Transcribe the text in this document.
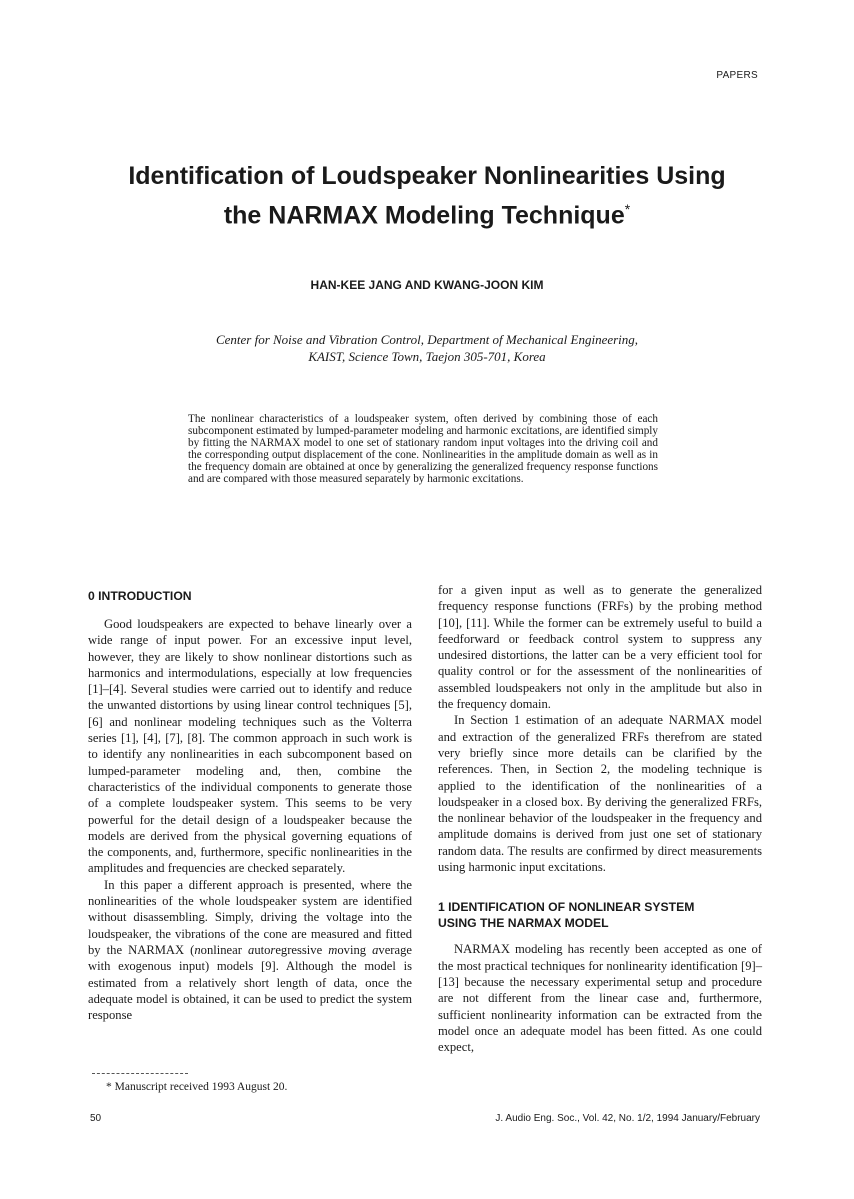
PAPERS
Identification of Loudspeaker Nonlinearities Using
the NARMAX Modeling Technique*
HAN-KEE JANG AND KWANG-JOON KIM
Center for Noise and Vibration Control, Department of Mechanical Engineering,
KAIST, Science Town, Taejon 305-701, Korea
The nonlinear characteristics of a loudspeaker system, often derived by combining those of each subcomponent estimated by lumped-parameter modeling and harmonic excitations, are identified simply by fitting the NARMAX model to one set of stationary random input voltages into the driving coil and the corresponding output displacement of the cone. Nonlinearities in the amplitude domain as well as in the frequency domain are obtained at once by generalizing the generalized frequency response functions and are compared with those measured separately by harmonic excitations.
0 INTRODUCTION

Good loudspeakers are expected to behave linearly over a wide range of input power. For an excessive input level, however, they are likely to show nonlinear distortions such as harmonics and intermodulations, especially at low frequencies [1]–[4]. Several studies were carried out to identify and reduce the unwanted distortions by using linear control techniques [5], [6] and nonlinear modeling techniques such as the Volterra series [1], [4], [7], [8]. The common approach in such work is to identify any nonlinearities in each subcomponent based on lumped-parameter modeling and, then, combine the characteristics of the individual components to generate those of a complete loudspeaker system. This seems to be very powerful for the detail design of a loudspeaker because the models are derived from the physical governing equations of the components, and, furthermore, specific nonlinearities in the amplitudes and frequencies are checked separately.

In this paper a different approach is presented, where the nonlinearities of the whole loudspeaker system are identified without disassembling. Simply, driving the voltage into the loudspeaker, the vibrations of the cone are measured and fitted by the NARMAX (nonlinear autoregressive moving average with exogenous input) models [9]. Although the model is estimated from a relatively short length of data, once the adequate model is obtained, it can be used to predict the system response

for a given input as well as to generate the generalized frequency response functions (FRFs) by the probing method [10], [11]. While the former can be extremely useful to build a feedforward or feedback control system to suppress any undesired distortions, the latter can be a very efficient tool for quality control or for the assessment of the nonlinearities of assembled loudspeakers not only in the amplitude but also in the frequency domain.

In Section 1 estimation of an adequate NARMAX model and extraction of the generalized FRFs therefrom are stated very briefly since more details can be clarified by the references. Then, in Section 2, the modeling technique is applied to the identification of the nonlinearities of a loudspeaker in a closed box. By deriving the generalized FRFs, the nonlinear behavior of the loudspeaker in the frequency and amplitude domains is derived from just one set of stationary random data. The results are confirmed by direct measurements using harmonic input excitations.

1 IDENTIFICATION OF NONLINEAR SYSTEM
USING THE NARMAX MODEL

NARMAX modeling has recently been accepted as one of the most practical techniques for nonlinearity identification [9]–[13] because the necessary experimental setup and procedure are not different from the linear case and, furthermore, sufficient nonlinearity information can be extracted from the model once an adequate model has been fitted. As one could expect,

* Manuscript received 1993 August 20.
50	J. Audio Eng. Soc., Vol. 42, No. 1/2, 1994 January/February
